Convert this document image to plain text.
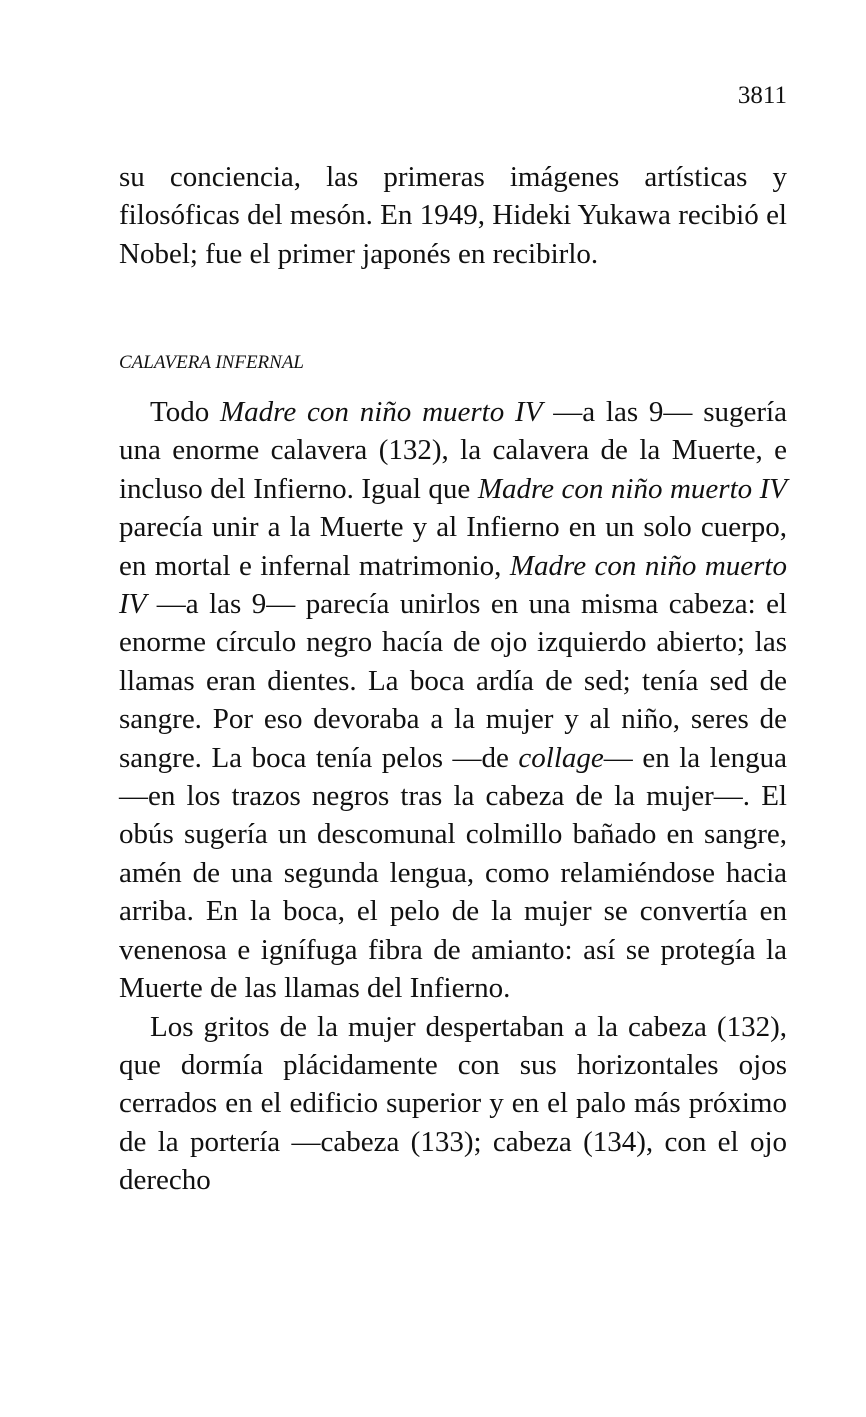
3811

su conciencia, las primeras imágenes artísticas y filosóficas del mesón. En 1949, Hideki Yukawa recibió el Nobel; fue el primer japonés en recibirlo.

CALAVERA INFERNAL

Todo Madre con niño muerto IV —a las 9— sugería una enorme calavera (132), la calavera de la Muerte, e incluso del Infierno. Igual que Madre con niño muerto IV parecía unir a la Muerte y al Infierno en un solo cuerpo, en mortal e infernal matrimonio, Madre con niño muerto IV —a las 9— parecía unirlos en una misma cabeza: el enorme círculo negro hacía de ojo izquierdo abierto; las llamas eran dientes. La boca ardía de sed; tenía sed de sangre. Por eso devoraba a la mujer y al niño, seres de sangre. La boca tenía pelos —de collage— en la lengua —en los trazos negros tras la cabeza de la mujer—. El obús sugería un descomunal colmillo bañado en sangre, amén de una segunda lengua, como relamiéndose hacia arriba. En la boca, el pelo de la mujer se convertía en venenosa e ignífuga fibra de amianto: así se protegía la Muerte de las llamas del Infierno.

Los gritos de la mujer despertaban a la cabeza (132), que dormía plácidamente con sus horizontales ojos cerrados en el edificio superior y en el palo más próximo de la portería —cabeza (133); cabeza (134), con el ojo derecho
